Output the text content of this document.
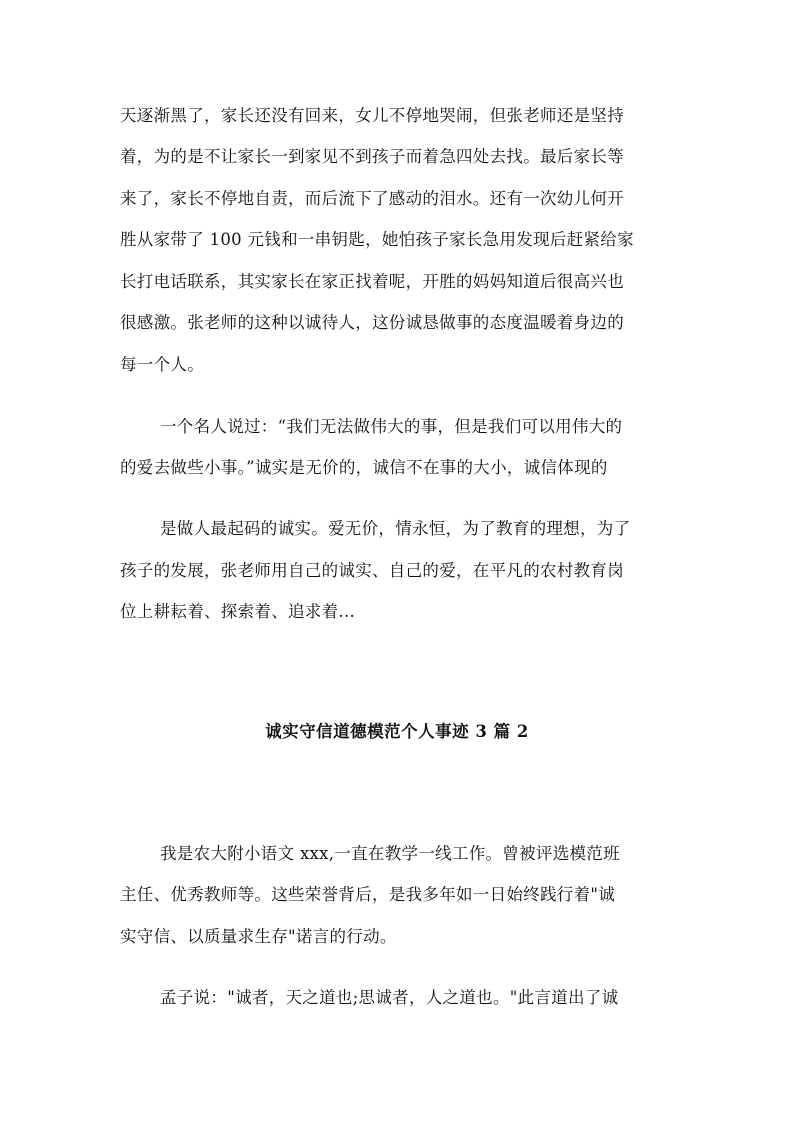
天逐渐黑了，家长还没有回来，女儿不停地哭闹，但张老师还是坚持
着，为的是不让家长一到家见不到孩子而着急四处去找。最后家长等
来了，家长不停地自责，而后流下了感动的泪水。还有一次幼儿何开
胜从家带了 100 元钱和一串钥匙，她怕孩子家长急用发现后赶紧给家
长打电话联系，其实家长在家正找着呢，开胜的妈妈知道后很高兴也
很感激。张老师的这种以诚待人，这份诚恳做事的态度温暖着身边的
每一个人。
一个名人说过：“我们无法做伟大的事，但是我们可以用伟大的
的爱去做些小事。”诚实是无价的，诚信不在事的大小，诚信体现的
是做人最起码的诚实。爱无价，情永恒，为了教育的理想，为了
孩子的发展，张老师用自己的诚实、自己的爱，在平凡的农村教育岗
位上耕耘着、探索着、追求着…
诚实守信道德模范个人事迹 3 篇 2
我是农大附小语文 xxx,一直在教学一线工作。曾被评选模范班
主任、优秀教师等。这些荣誉背后，是我多年如一日始终践行着"诚
实守信、以质量求生存"诺言的行动。
孟子说："诚者，天之道也;思诚者，人之道也。"此言道出了诚
